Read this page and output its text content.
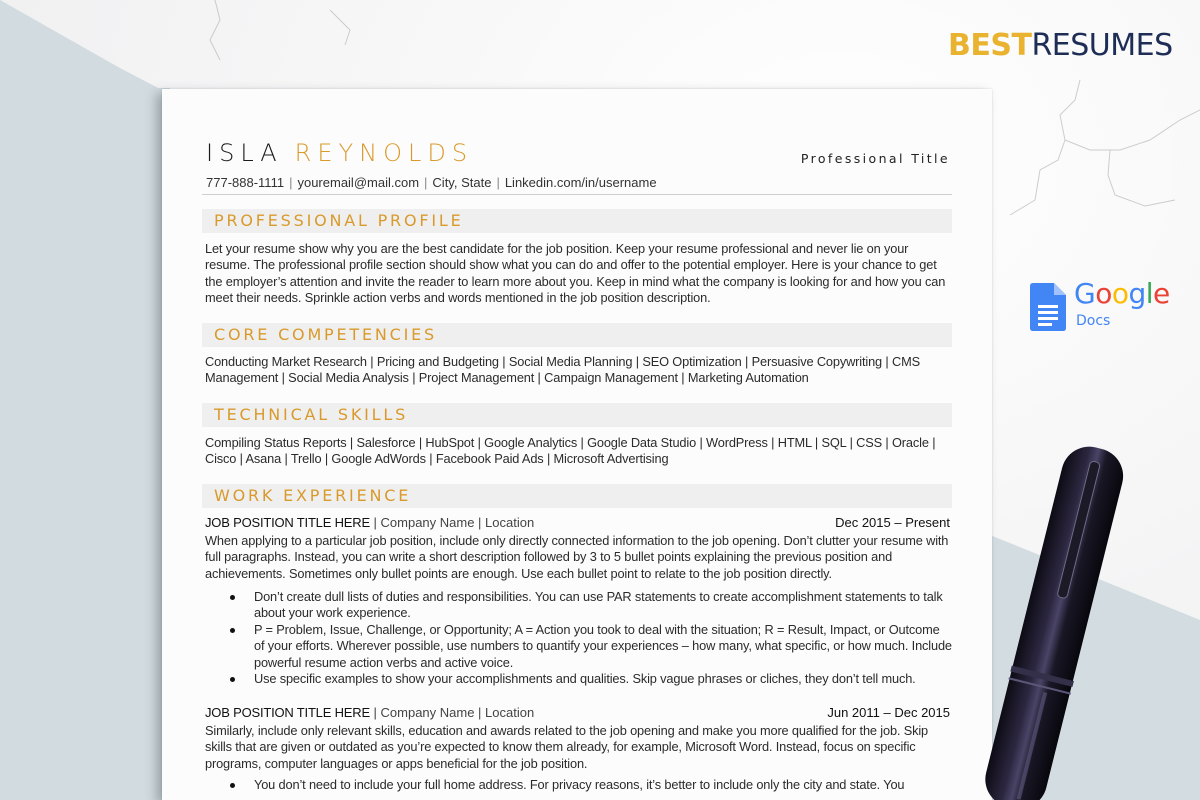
BESTRESUMES
Google
Docs
ISLA REYNOLDS	Professional Title
777-888-1111 | youremail@mail.com | City, State | Linkedin.com/in/username
PROFESSIONAL PROFILE
Let your resume show why you are the best candidate for the job position. Keep your resume professional and never lie on your resume. The professional profile section should show what you can do and offer to the potential employer. Here is your chance to get the employer’s attention and invite the reader to learn more about you. Keep in mind what the company is looking for and how you can meet their needs. Sprinkle action verbs and words mentioned in the job position description.
CORE COMPETENCIES
Conducting Market Research | Pricing and Budgeting | Social Media Planning | SEO Optimization | Persuasive Copywriting | CMS Management | Social Media Analysis | Project Management | Campaign Management | Marketing Automation
TECHNICAL SKILLS
Compiling Status Reports | Salesforce | HubSpot | Google Analytics | Google Data Studio | WordPress | HTML | SQL | CSS | Oracle | Cisco | Asana | Trello | Google AdWords | Facebook Paid Ads | Microsoft Advertising
WORK EXPERIENCE
JOB POSITION TITLE HERE | Company Name | Location	Dec 2015 – Present
When applying to a particular job position, include only directly connected information to the job opening. Don’t clutter your resume with full paragraphs. Instead, you can write a short description followed by 3 to 5 bullet points explaining the previous position and achievements. Sometimes only bullet points are enough. Use each bullet point to relate to the job position directly.
Don’t create dull lists of duties and responsibilities. You can use PAR statements to create accomplishment statements to talk about your work experience.
P = Problem, Issue, Challenge, or Opportunity; A = Action you took to deal with the situation; R = Result, Impact, or Outcome of your efforts. Wherever possible, use numbers to quantify your experiences – how many, what specific, or how much. Include powerful resume action verbs and active voice.
Use specific examples to show your accomplishments and qualities. Skip vague phrases or cliches, they don’t tell much.
JOB POSITION TITLE HERE | Company Name | Location	Jun 2011 – Dec 2015
Similarly, include only relevant skills, education and awards related to the job opening and make you more qualified for the job. Skip skills that are given or outdated as you’re expected to know them already, for example, Microsoft Word. Instead, focus on specific programs, computer languages or apps beneficial for the job position.
You don’t need to include your full home address. For privacy reasons, it’s better to include only the city and state. You
